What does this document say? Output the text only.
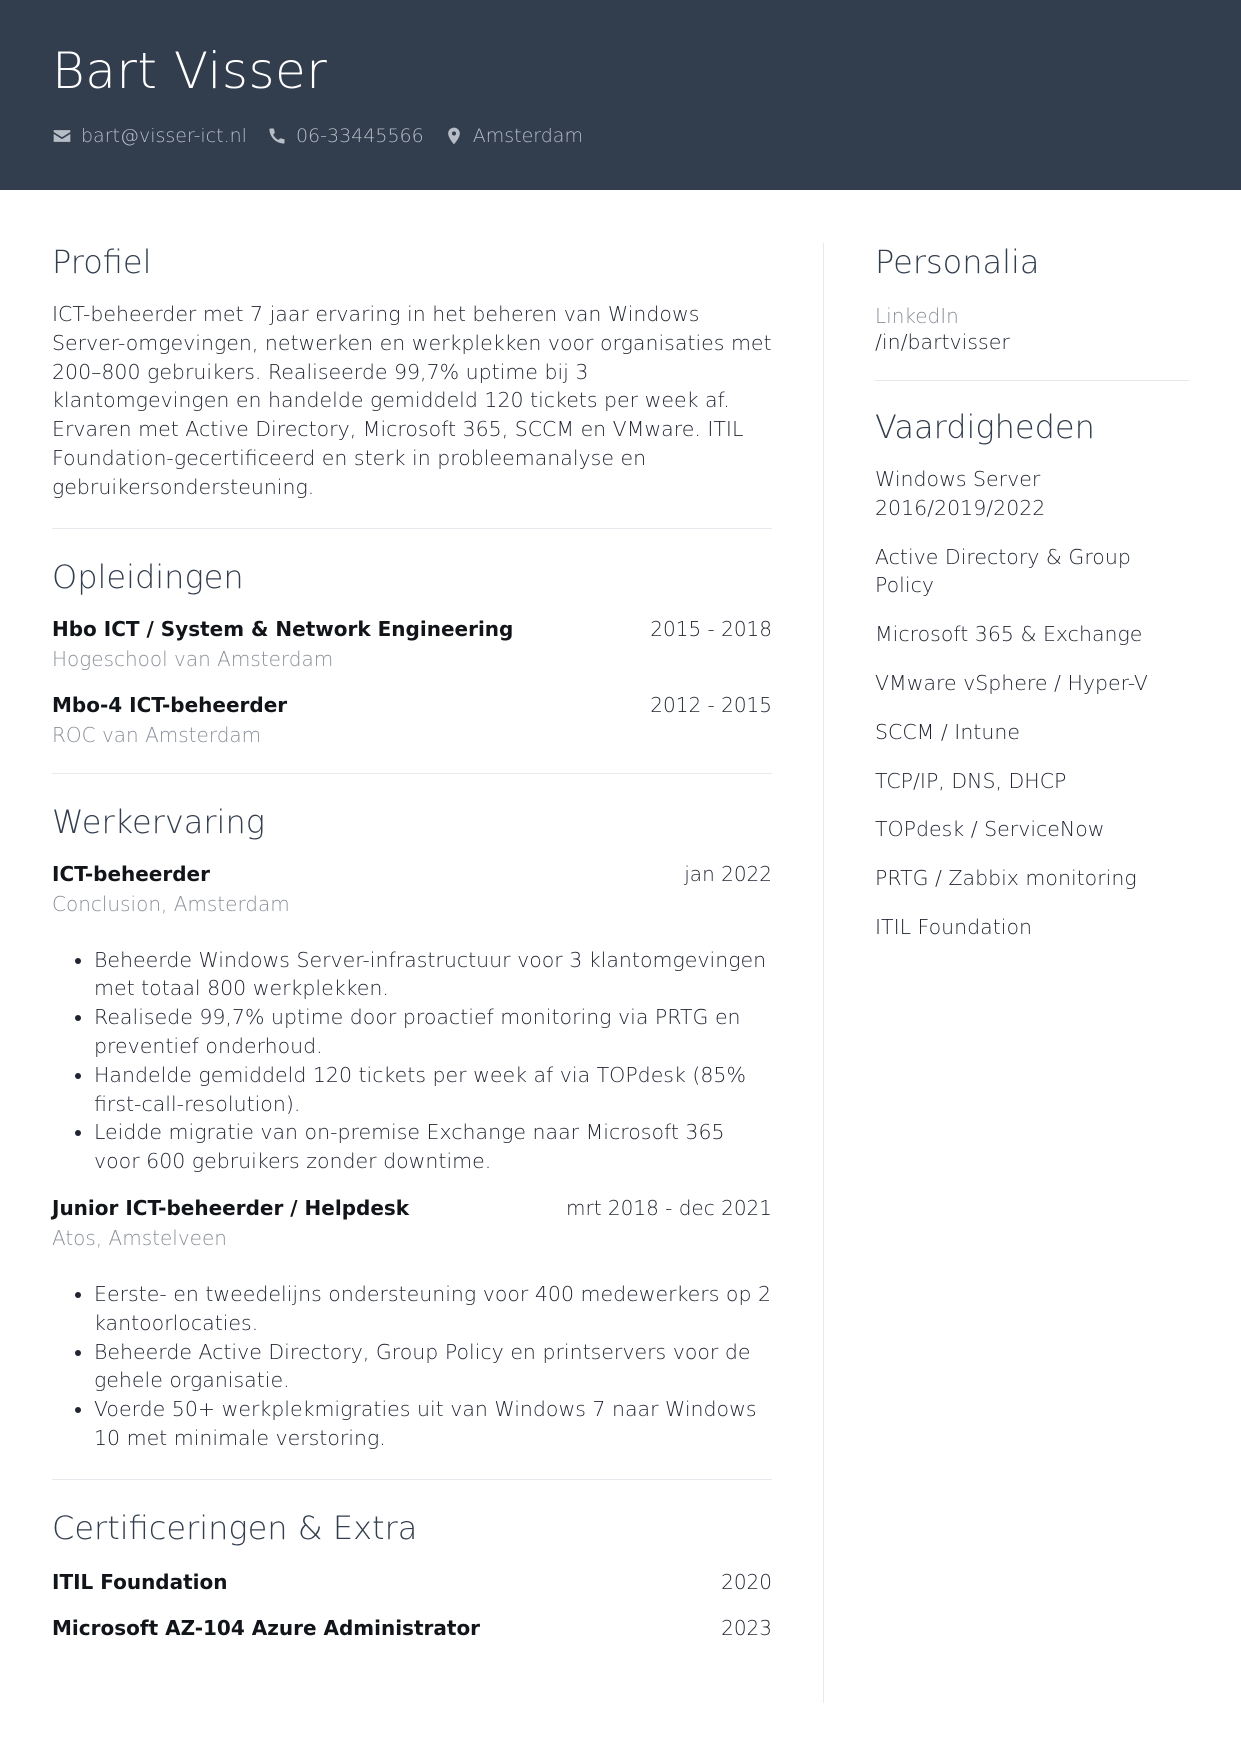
Bart Visser
bart@visser-ict.nl	06-33445566	Amsterdam
Profiel
ICT-beheerder met 7 jaar ervaring in het beheren van Windows Server-omgevingen, netwerken en werkplekken voor organisaties met 200–800 gebruikers. Realiseerde 99,7% uptime bij 3 klantomgevingen en handelde gemiddeld 120 tickets per week af. Ervaren met Active Directory, Microsoft 365, SCCM en VMware. ITIL Foundation-gecertificeerd en sterk in probleemanalyse en gebruikersondersteuning.
Opleidingen
Hbo ICT / System & Network Engineering	2015 - 2018
Hogeschool van Amsterdam
Mbo-4 ICT-beheerder	2012 - 2015
ROC van Amsterdam
Werkervaring
ICT-beheerder	jan 2022
Conclusion, Amsterdam
• Beheerde Windows Server-infrastructuur voor 3 klantomgevingen met totaal 800 werkplekken.
• Realisede 99,7% uptime door proactief monitoring via PRTG en preventief onderhoud.
• Handelde gemiddeld 120 tickets per week af via TOPdesk (85% first-call-resolution).
• Leidde migratie van on-premise Exchange naar Microsoft 365 voor 600 gebruikers zonder downtime.
Junior ICT-beheerder / Helpdesk	mrt 2018 - dec 2021
Atos, Amstelveen
• Eerste- en tweedelijns ondersteuning voor 400 medewerkers op 2 kantoorlocaties.
• Beheerde Active Directory, Group Policy en printservers voor de gehele organisatie.
• Voerde 50+ werkplekmigraties uit van Windows 7 naar Windows 10 met minimale verstoring.
Certificeringen & Extra
ITIL Foundation	2020
Microsoft AZ-104 Azure Administrator	2023
Personalia
LinkedIn
/in/bartvisser
Vaardigheden
Windows Server 2016/2019/2022
Active Directory & Group Policy
Microsoft 365 & Exchange
VMware vSphere / Hyper-V
SCCM / Intune
TCP/IP, DNS, DHCP
TOPdesk / ServiceNow
PRTG / Zabbix monitoring
ITIL Foundation
